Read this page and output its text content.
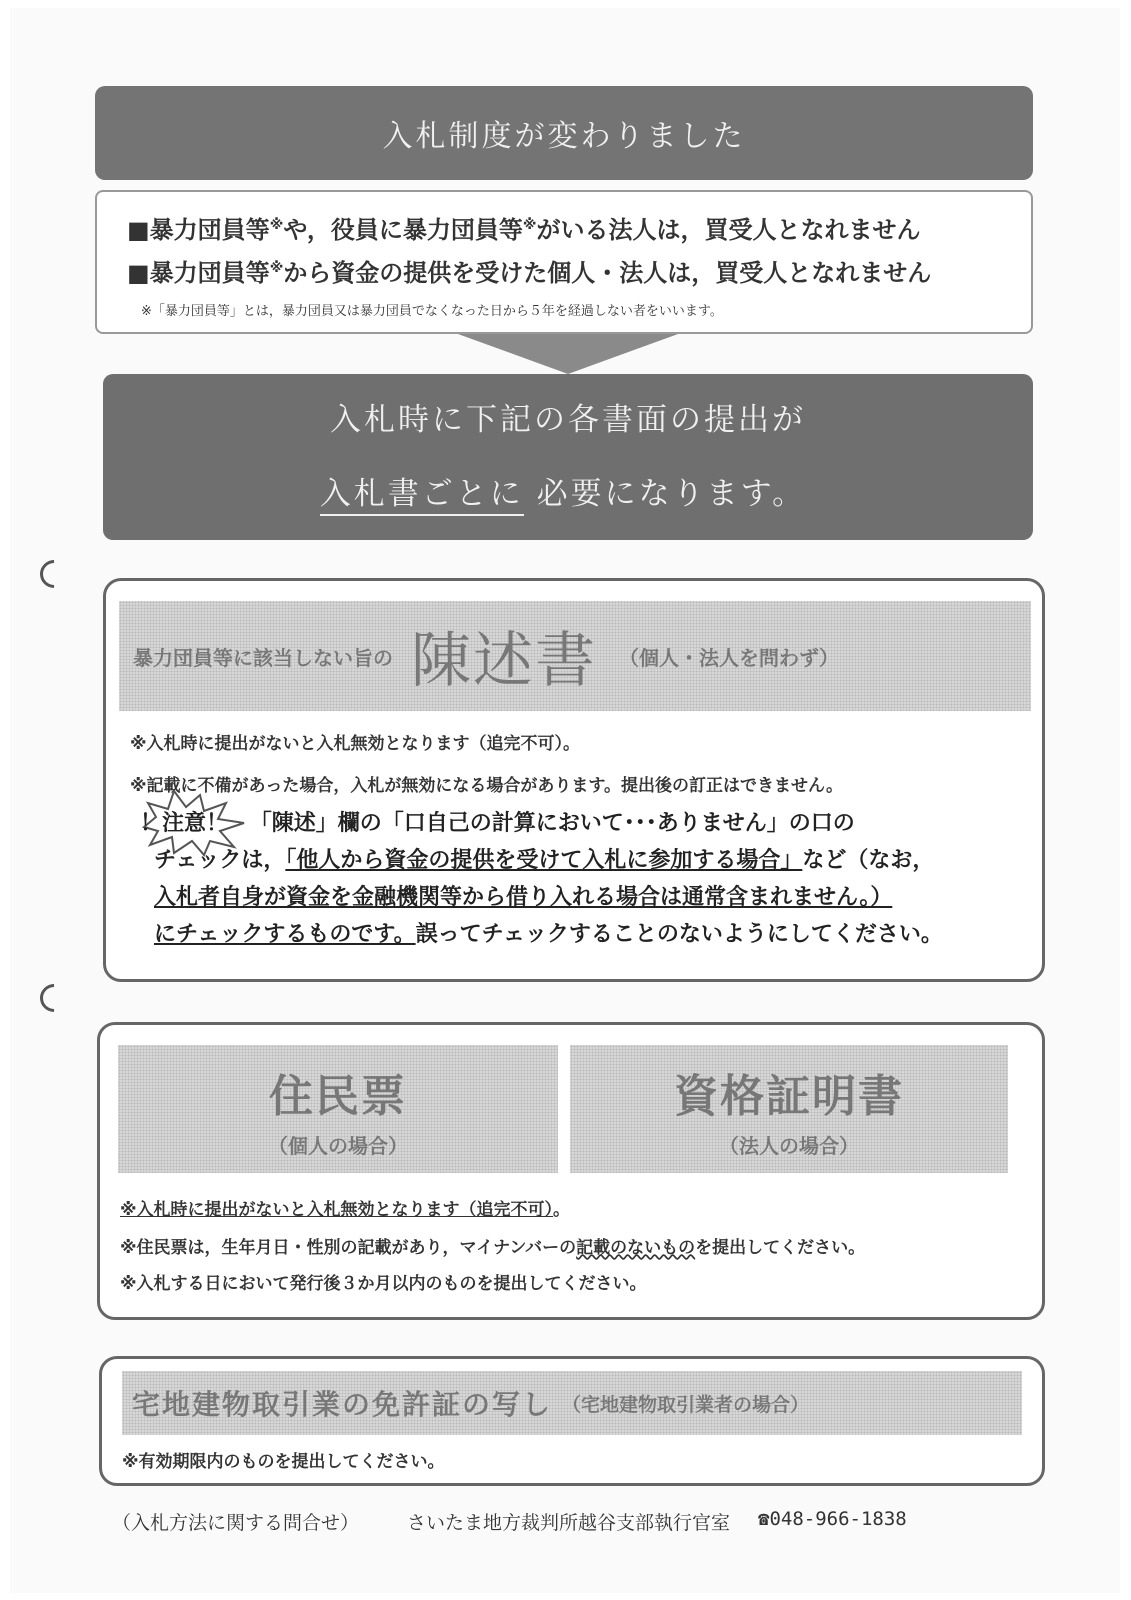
入札制度が変わりました
■暴力団員等※や，役員に暴力団員等※がいる法人は，買受人となれません
■暴力団員等※から資金の提供を受けた個人・法人は，買受人となれません
※「暴力団員等」とは，暴力団員又は暴力団員でなくなった日から５年を経過しない者をいいます。
入札時に下記の各書面の提出が
入札書ごとに 必要になります。
暴力団員等に該当しない旨の 陳述書 （個人・法人を問わず）
※入札時に提出がないと入札無効となります（追完不可）。
※記載に不備があった場合，入札が無効になる場合があります。提出後の訂正はできません。
！注意！ 「陳述」欄の「口自己の計算において･･･ありません」の口の
チェックは，「他人から資金の提供を受けて入札に参加する場合」など（なお，
入札者自身が資金を金融機関等から借り入れる場合は通常含まれません。）
にチェックするものです。誤ってチェックすることのないようにしてください。
住民票
（個人の場合）
資格証明書
（法人の場合）
※入札時に提出がないと入札無効となります（追完不可）。
※住民票は，生年月日・性別の記載があり，マイナンバーの記載のないものを提出してください。
※入札する日において発行後３か月以内のものを提出してください。
宅地建物取引業の免許証の写し （宅地建物取引業者の場合）
※有効期限内のものを提出してください。
（入札方法に関する問合せ）	さいたま地方裁判所越谷支部執行官室 ☎048-966-1838
